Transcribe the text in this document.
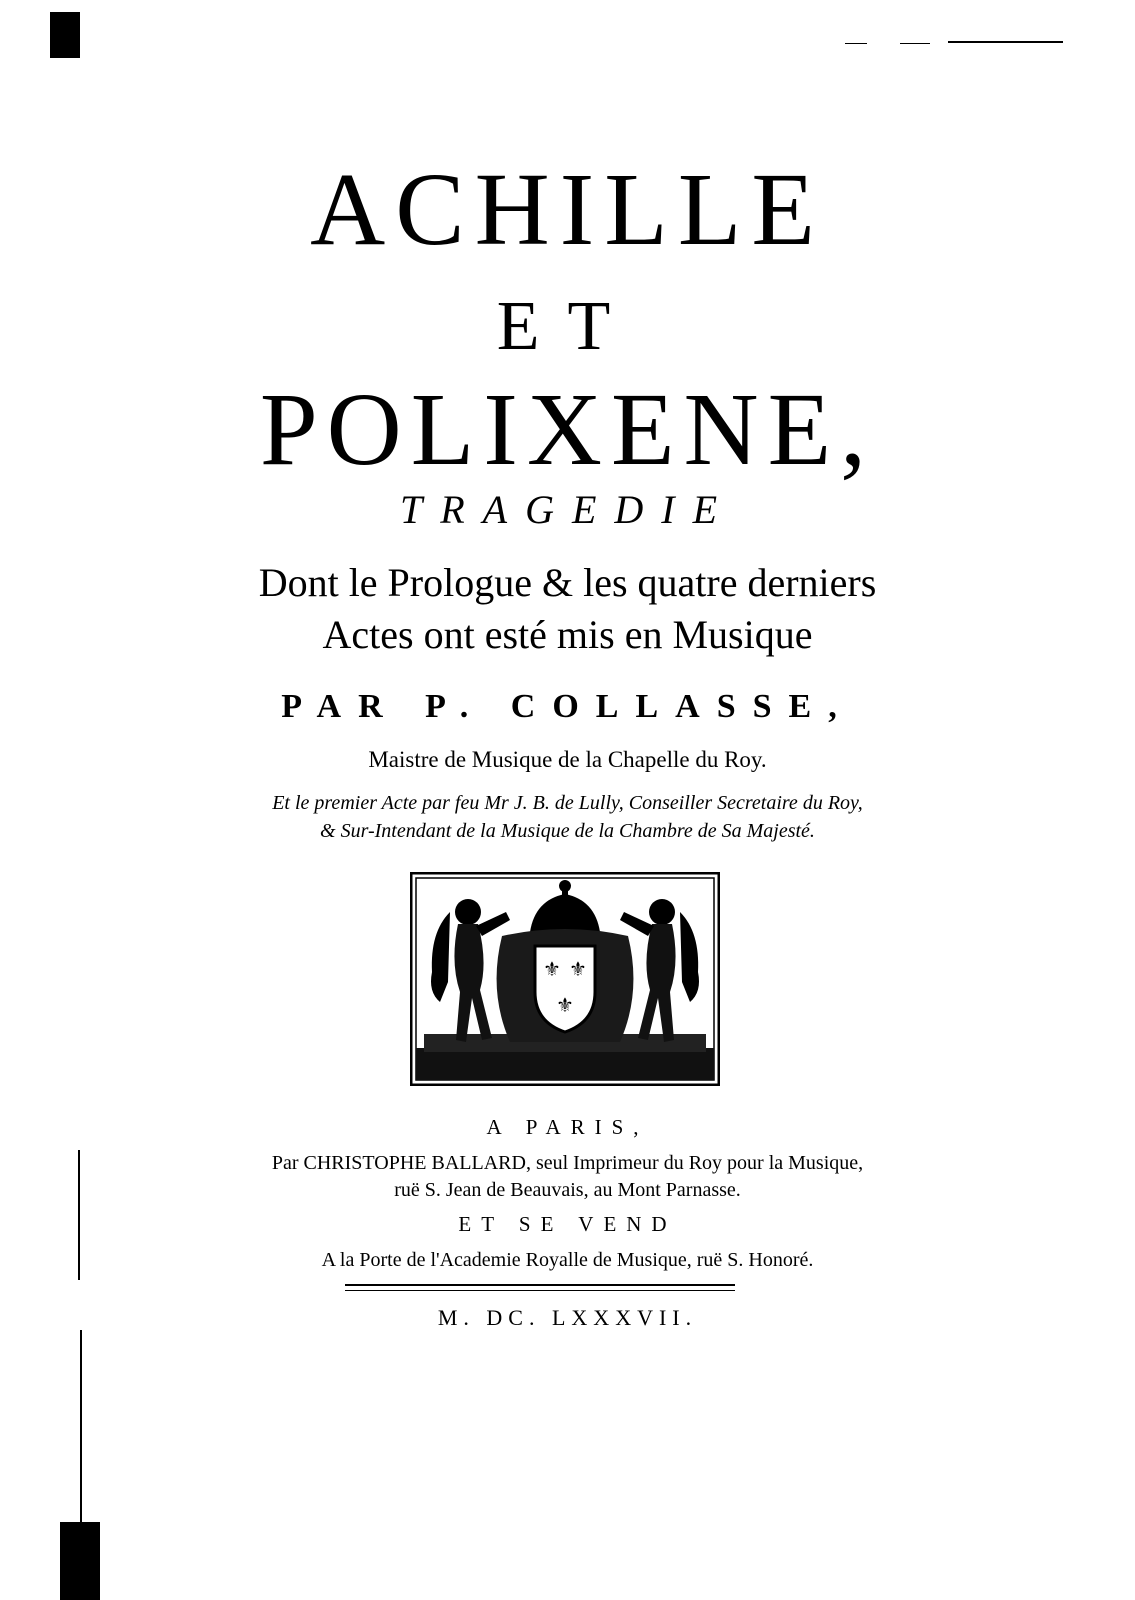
ACHILLE
ET
POLIXENE,
TRAGEDIE
Dont le Prologue & les quatre derniers
Actes ont esté mis en Musique
PAR P. COLLASSE,
Maistre de Musique de la Chapelle du Roy.
Et le premier Acte par feu Mr J. B. de Lully, Conseiller Secretaire du Roy,
& Sur-Intendant de la Musique de la Chambre de Sa Majesté.
⚜ ⚜
⚜
A PARIS,
Par CHRISTOPHE BALLARD, seul Imprimeur du Roy pour la Musique,
ruë S. Jean de Beauvais, au Mont Parnasse.
ET SE VEND
A la Porte de l'Academie Royalle de Musique, ruë S. Honoré.
M. DC. LXXXVII.
